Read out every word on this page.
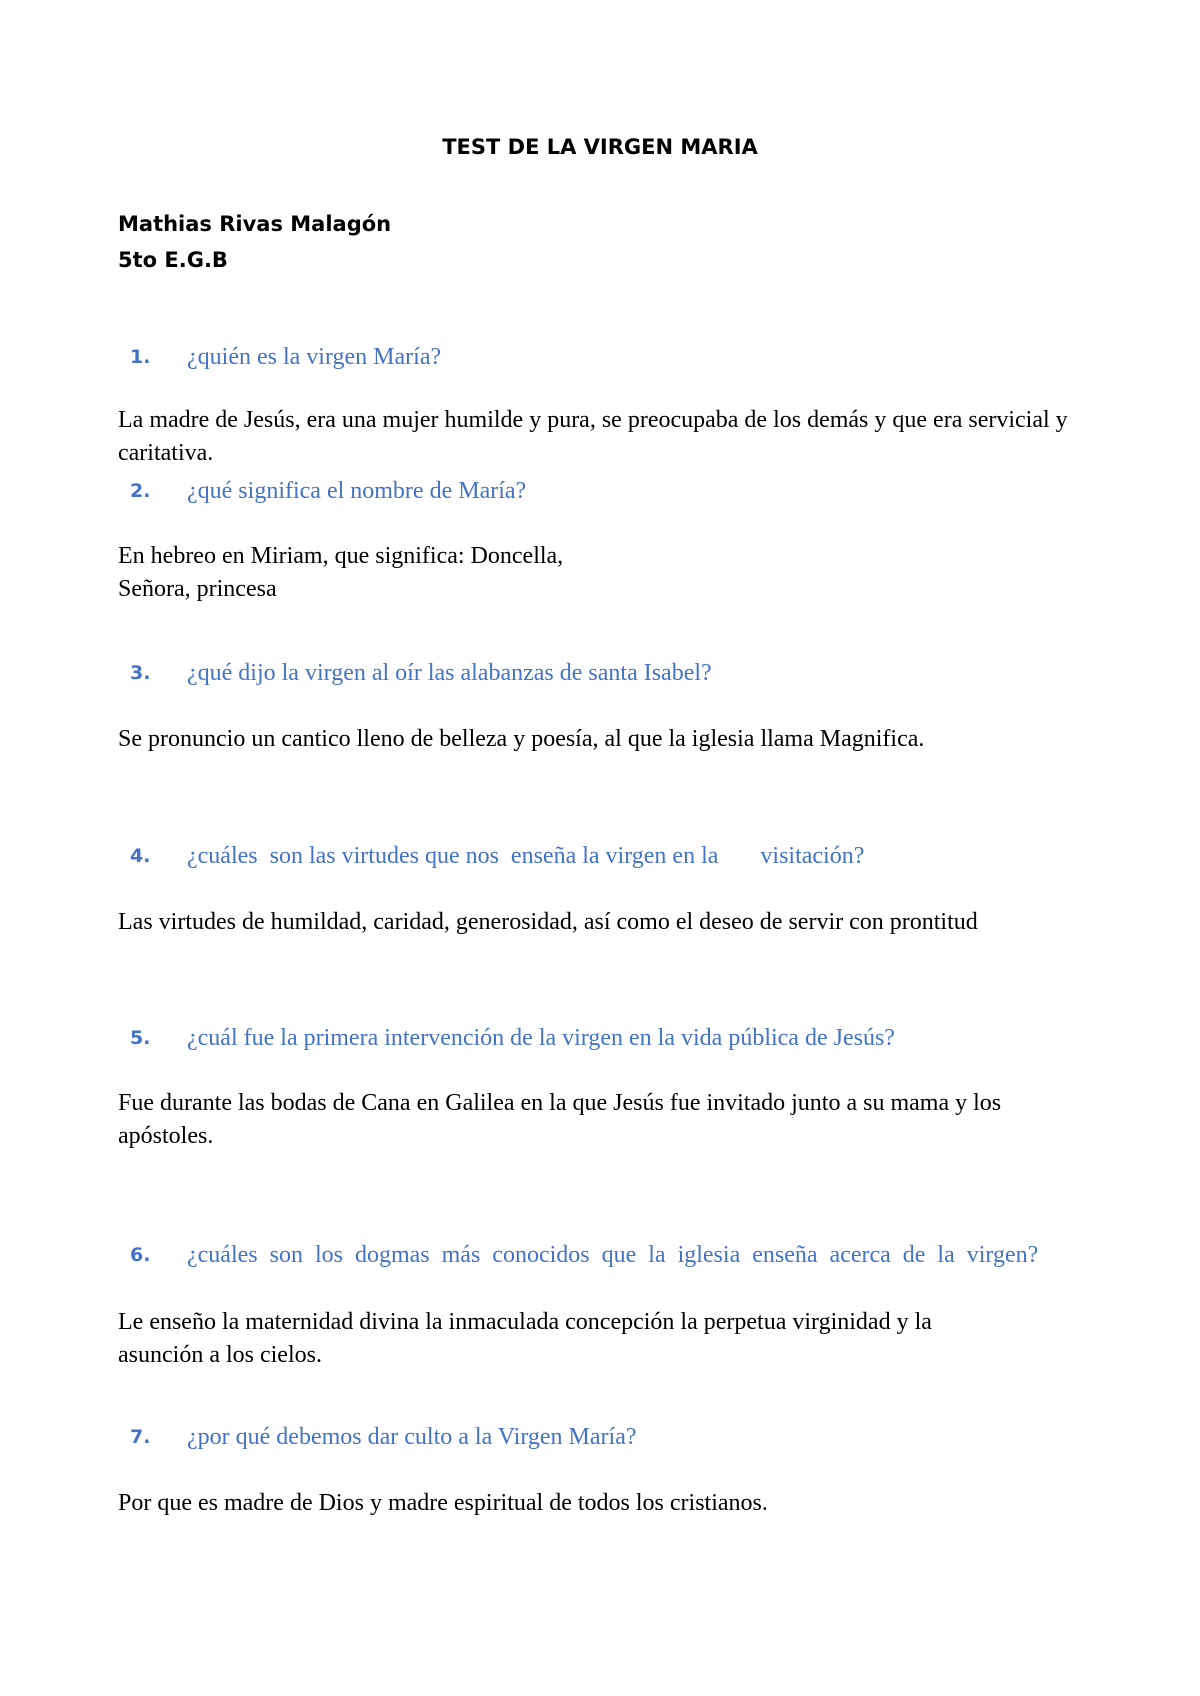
TEST DE LA VIRGEN MARIA
Mathias Rivas Malagón
5to E.G.B
1. ¿quién es la virgen María?

La madre de Jesús, era una mujer humilde y pura, se preocupaba de los demás y que era servicial y caritativa.

2. ¿qué significa el nombre de María?
En hebreo en Miriam, que significa: Doncella,
Señora, princesa
3. ¿qué dijo la virgen al oír las alabanzas de santa Isabel?

Se pronuncio un cantico lleno de belleza y poesía, al que la iglesia llama Magnifica.

4. ¿cuáles  son las virtudes que nos  enseña la virgen en la       visitación?

Las virtudes de humildad, caridad, generosidad, así como el deseo de servir con prontitud

5. ¿cuál fue la primera intervención de la virgen en la vida pública de Jesús?

Fue durante las bodas de Cana en Galilea en la que Jesús fue invitado junto a su mama y los apóstoles.

6. ¿cuáles son los dogmas más conocidos que la iglesia enseña acerca de la virgen?

Le enseño la maternidad divina la inmaculada concepción la perpetua virginidad y la asunción a los cielos.

7. ¿por qué debemos dar culto a la Virgen María?

Por que es madre de Dios y madre espiritual de todos los cristianos.
